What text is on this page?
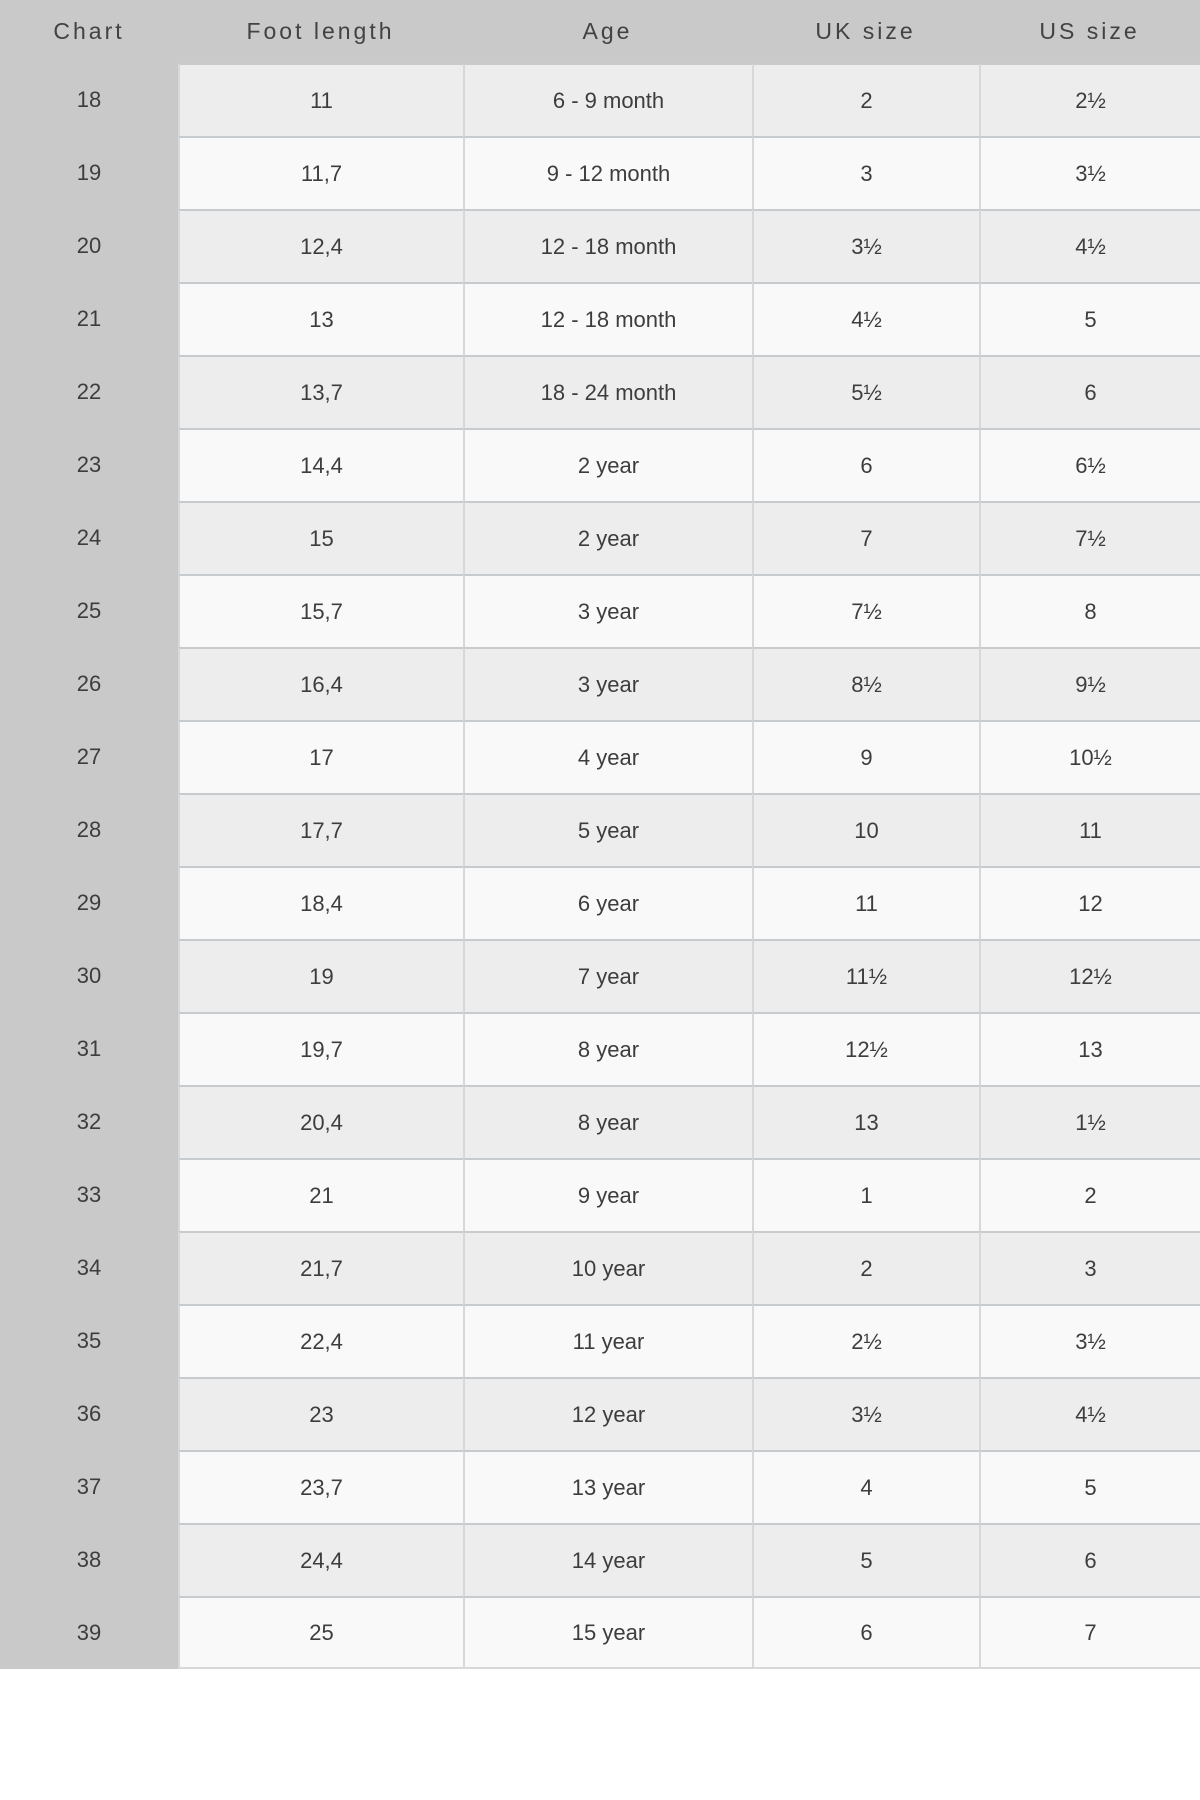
Chart	Foot length	Age	UK size	US size
18	11	6 - 9 month	2	2½
19	11,7	9 - 12 month	3	3½
20	12,4	12 - 18 month	3½	4½
21	13	12 - 18 month	4½	5
22	13,7	18 - 24 month	5½	6
23	14,4	2 year	6	6½
24	15	2 year	7	7½
25	15,7	3 year	7½	8
26	16,4	3 year	8½	9½
27	17	4 year	9	10½
28	17,7	5 year	10	11
29	18,4	6 year	11	12
30	19	7 year	11½	12½
31	19,7	8 year	12½	13
32	20,4	8 year	13	1½
33	21	9 year	1	2
34	21,7	10 year	2	3
35	22,4	11 year	2½	3½
36	23	12 year	3½	4½
37	23,7	13 year	4	5
38	24,4	14 year	5	6
39	25	15 year	6	7
